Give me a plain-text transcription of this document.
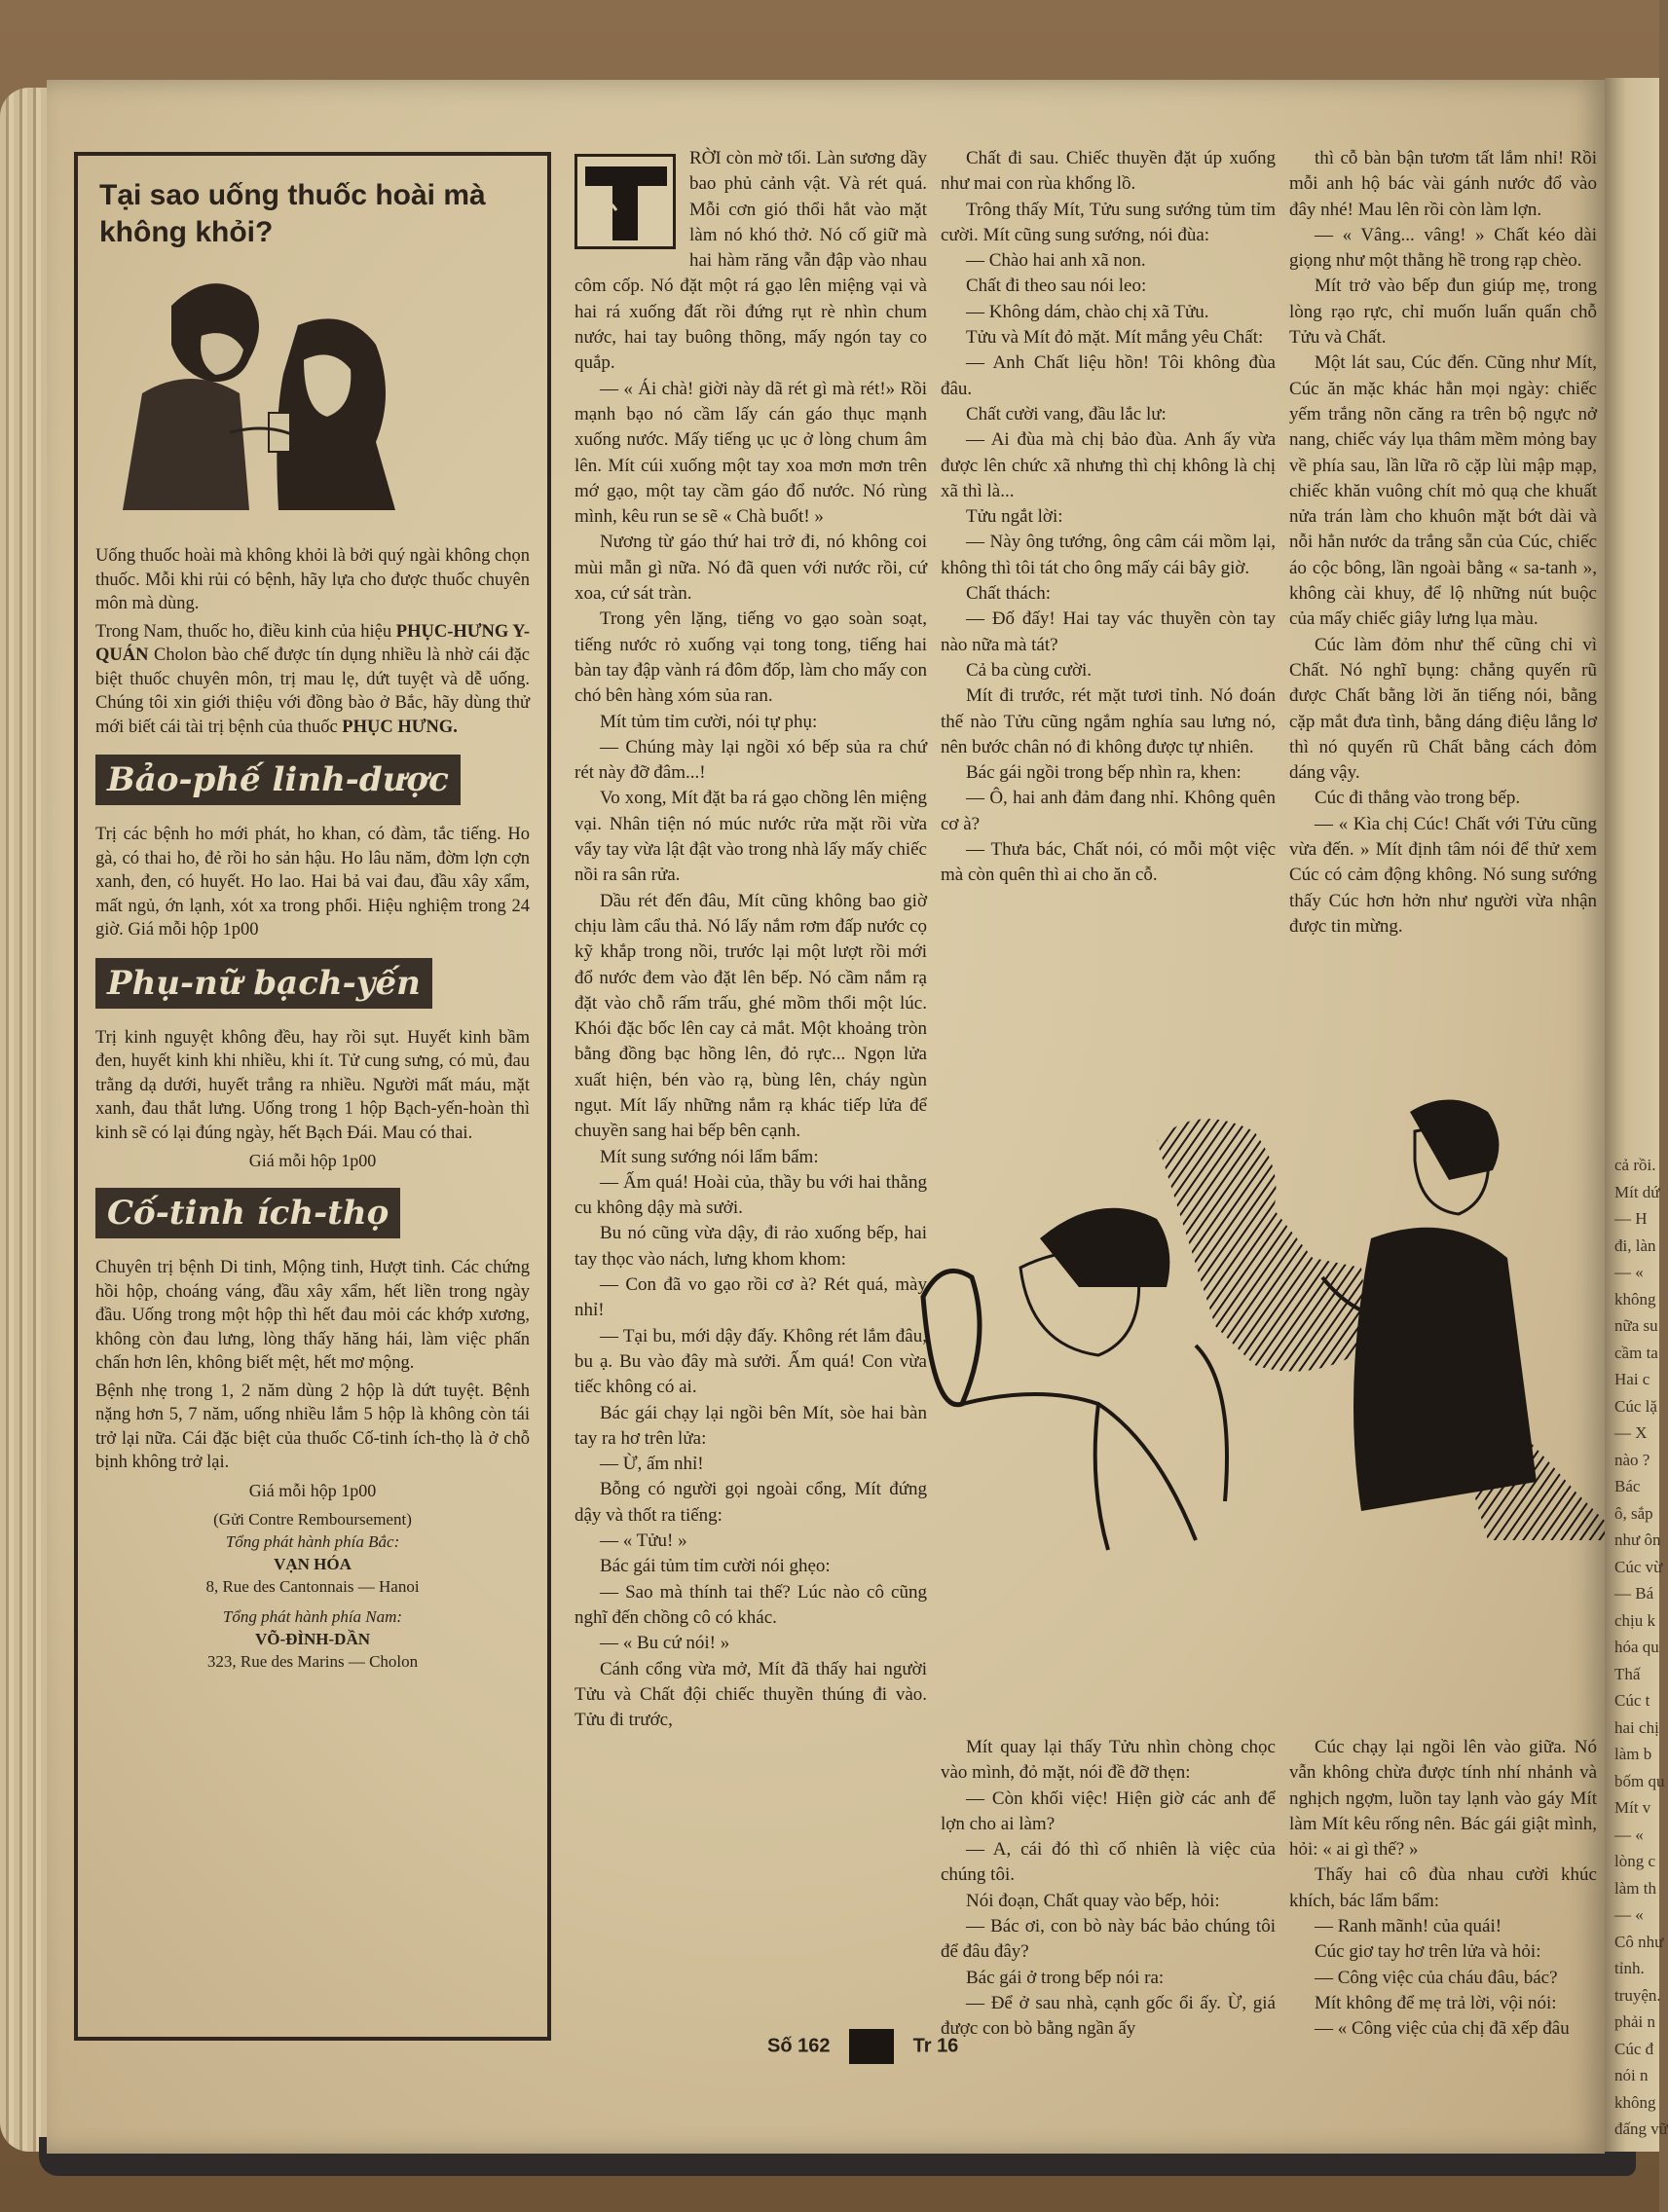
Tại sao uống thuốc hoài mà không khỏi?

Uống thuốc hoài mà không khỏi là bởi quý ngài không chọn thuốc. Mỗi khi rủi có bệnh, hãy lựa cho được thuốc chuyên môn mà dùng.

Trong Nam, thuốc ho, điều kinh của hiệu PHỤC-HƯNG Y-QUÁN Cholon bào chế được tín dụng nhiều là nhờ cái đặc biệt thuốc chuyên môn, trị mau lẹ, dứt tuyệt và dễ uống. Chúng tôi xin giới thiệu với đồng bào ở Bắc, hãy dùng thử mới biết cái tài trị bệnh của thuốc PHỤC HƯNG.

Bảo-phế linh-dược

Trị các bệnh ho mới phát, ho khan, có đàm, tắc tiếng. Ho gà, có thai ho, đẻ rồi ho sản hậu. Ho lâu năm, đờm lợn cợn xanh, đen, có huyết. Ho lao. Hai bả vai đau, đầu xây xẩm, mất ngủ, ớn lạnh, xót xa trong phổi. Hiệu nghiệm trong 24 giờ. Giá mỗi hộp 1p00

Phụ-nữ bạch-yến

Trị kinh nguyệt không đều, hay rồi sụt. Huyết kinh bầm đen, huyết kinh khi nhiều, khi ít. Tử cung sưng, có mủ, đau trằng dạ dưới, huyết trắng ra nhiều. Người mất máu, mặt xanh, đau thắt lưng. Uống trong 1 hộp Bạch-yến-hoàn thì kinh sẽ có lại đúng ngày, hết Bạch Đái. Mau có thai.

Giá mỗi hộp 1p00

Cố-tinh ích-thọ

Chuyên trị bệnh Di tinh, Mộng tinh, Hượt tinh. Các chứng hồi hộp, choáng váng, đầu xây xẩm, hết liền trong ngày đầu. Uống trong một hộp thì hết đau mỏi các khớp xương, không còn đau lưng, lòng thấy hăng hái, làm việc phấn chấn hơn lên, không biết mệt, hết mơ mộng.

Bệnh nhẹ trong 1, 2 năm dùng 2 hộp là dứt tuyệt. Bệnh nặng hơn 5, 7 năm, uống nhiều lắm 5 hộp là không còn tái trở lại nữa. Cái đặc biệt của thuốc Cố-tinh ích-thọ là ở chỗ bịnh không trở lại.

Giá mỗi hộp 1p00

(Gửi Contre Remboursement)

Tổng phát hành phía Bắc:

VẠN HÓA

8, Rue des Cantonnais — Hanoi

Tổng phát hành phía Nam:

VÕ-ĐÌNH-DẦN

323, Rue des Marins — Cholon

RỜI còn mờ tối. Làn sương dầy bao phủ cảnh vật. Và rét quá. Mỗi cơn gió thổi hắt vào mặt làm nó khó thở. Nó cố giữ mà hai hàm răng vẫn đập vào nhau côm cốp. Nó đặt một rá gạo lên miệng vại và hai rá xuống đất rồi đứng rụt rè nhìn chum nước, hai tay buông thõng, mấy ngón tay co quắp.

— « Ái chà! giời này dã rét gì mà rét!» Rồi mạnh bạo nó cầm lấy cán gáo thục mạnh xuống nước. Mấy tiếng ục ục ở lòng chum âm lên. Mít cúi xuống một tay xoa mơn mơn trên mớ gạo, một tay cầm gáo đổ nước. Nó rùng mình, kêu run se sẽ « Chà buốt! »

Nương từ gáo thứ hai trở đi, nó không coi mùi mẫn gì nữa. Nó đã quen với nước rồi, cứ xoa, cứ sát tràn.

Trong yên lặng, tiếng vo gạo soàn soạt, tiếng nước rỏ xuống vại tong tong, tiếng hai bàn tay đập vành rá đôm đốp, làm cho mấy con chó bên hàng xóm sủa ran.

Mít tủm tỉm cười, nói tự phụ:

— Chúng mày lại ngồi xó bếp sủa ra chứ rét này đỡ đâm...!

Vo xong, Mít đặt ba rá gạo chồng lên miệng vại. Nhân tiện nó múc nước rửa mặt rồi vừa vẩy tay vừa lật đật vào trong nhà lấy mấy chiếc nồi ra sân rửa.

Dầu rét đến đâu, Mít cũng không bao giờ chịu làm cẩu thả. Nó lấy nắm rơm đấp nước cọ kỹ khắp trong nồi, trước lại một lượt rồi mới đổ nước đem vào đặt lên bếp. Nó cầm nắm rạ đặt vào chỗ rấm trấu, ghé mồm thổi một lúc. Khói đặc bốc lên cay cả mắt. Một khoảng tròn bằng đồng bạc hồng lên, đỏ rực... Ngọn lửa xuất hiện, bén vào rạ, bùng lên, cháy ngùn ngụt. Mít lấy những nắm rạ khác tiếp lửa để chuyền sang hai bếp bên cạnh.

Mít sung sướng nói lẩm bẩm:

— Ấm quá! Hoài của, thầy bu với hai thằng cu không dậy mà sưởi.

Bu nó cũng vừa dậy, đi rảo xuống bếp, hai tay thọc vào nách, lưng khom khom:

— Con đã vo gạo rồi cơ à? Rét quá, mày nhỉ!

— Tại bu, mới dậy đấy. Không rét lắm đâu, bu ạ. Bu vào đây mà sưởi. Ấm quá! Con vừa tiếc không có ai.

Bác gái chạy lại ngồi bên Mít, sòe hai bàn tay ra hơ trên lửa:

— Ừ, ấm nhỉ!

Bỗng có người gọi ngoài cổng, Mít đứng dậy và thốt ra tiếng:

— « Tửu! »

Bác gái tủm tỉm cười nói ghẹo:

— Sao mà thính tai thế? Lúc nào cô cũng nghĩ đến chồng cô có khác.

— « Bu cứ nói! »

Cánh cổng vừa mở, Mít đã thấy hai người Tửu và Chất đội chiếc thuyền thúng đi vào. Tửu đi trước,

Chất đi sau. Chiếc thuyền đặt úp xuống như mai con rùa khổng lồ.

Trông thấy Mít, Tửu sung sướng tủm tỉm cười. Mít cũng sung sướng, nói đùa:

— Chào hai anh xã non.

Chất đi theo sau nói leo:

— Không dám, chào chị xã Tửu.

Tửu và Mít đỏ mặt. Mít mắng yêu Chất:

— Anh Chất liệu hồn! Tôi không đùa đâu.

Chất cười vang, đầu lắc lư:

— Ai đùa mà chị bảo đùa. Anh ấy vừa được lên chức xã nhưng thì chị không là chị xã thì là...

Tửu ngắt lời:

— Này ông tướng, ông câm cái mồm lại, không thì tôi tát cho ông mấy cái bây giờ.

Chất thách:

— Đố đấy! Hai tay vác thuyền còn tay nào nữa mà tát?

Cả ba cùng cười.

Mít đi trước, rét mặt tươi tỉnh. Nó đoán thế nào Tửu cũng ngắm nghía sau lưng nó, nên bước chân nó đi không được tự nhiên.

Bác gái ngồi trong bếp nhìn ra, khen:

— Ô, hai anh đảm đang nhỉ. Không quên cơ à?

— Thưa bác, Chất nói, có mỗi một việc mà còn quên thì ai cho ăn cỗ.

thì cỗ bàn bận tươm tất lắm nhỉ! Rồi mỗi anh hộ bác vài gánh nước đổ vào đây nhé! Mau lên rồi còn làm lợn.

— « Vâng... vâng! » Chất kéo dài giọng như một thằng hề trong rạp chèo.

Mít trở vào bếp đun giúp mẹ, trong lòng rạo rực, chỉ muốn luẩn quẩn chỗ Tửu và Chất.

Một lát sau, Cúc đến. Cũng như Mít, Cúc ăn mặc khác hẳn mọi ngày: chiếc yếm trắng nõn căng ra trên bộ ngực nở nang, chiếc váy lụa thâm mềm mỏng bay về phía sau, lần lữa rõ cặp lùi mập mạp, chiếc khăn vuông chít mỏ quạ che khuất nửa trán làm cho khuôn mặt bớt dài và nỗi hẳn nước da trắng sẵn của Cúc, chiếc áo cộc bông, lần ngoài bằng « sa-tanh », không cài khuy, để lộ những nút buộc của mấy chiếc giây lưng lụa màu.

Cúc làm đỏm như thế cũng chỉ vì Chất. Nó nghĩ bụng: chẳng quyến rũ được Chất bằng lời ăn tiếng nói, bằng cặp mắt đưa tình, bằng dáng điệu lẳng lơ thì nó quyến rũ Chất bằng cách đỏm dáng vậy.

Cúc đi thẳng vào trong bếp.

— « Kìa chị Cúc! Chất với Tửu cũng vừa đến. » Mít định tâm nói để thử xem Cúc có cảm động không. Nó sung sướng thấy Cúc hơn hởn như người vừa nhận được tin mừng.

Mít quay lại thấy Tửu nhìn chòng chọc vào mình, đỏ mặt, nói đề đỡ thẹn:

— Còn khối việc! Hiện giờ các anh để lợn cho ai làm?

— A, cái đó thì cố nhiên là việc của chúng tôi.

Nói đoạn, Chất quay vào bếp, hỏi:

— Bác ơi, con bò này bác bảo chúng tôi để đâu đây?

Bác gái ở trong bếp nói ra:

— Để ở sau nhà, cạnh gốc ổi ấy. Ừ, giá được con bò bằng ngần ấy

Cúc chạy lại ngồi lên vào giữa. Nó vẫn không chừa được tính nhí nhảnh và nghịch ngợm, luồn tay lạnh vào gáy Mít làm Mít kêu rống nên. Bác gái giật mình, hỏi: « ai gì thế? »

Thấy hai cô đùa nhau cười khúc khích, bác lẩm bẩm:

— Ranh mãnh! của quái!

Cúc giơ tay hơ trên lửa và hỏi:

— Công việc của cháu đâu, bác?

Mít không để mẹ trả lời, vội nói:

— « Công việc của chị đã xếp đâu

Số 162	Tr 16
cả rồi.
Mít dứ
— H
đi, làn
— «
không
nữa su
cầm ta
Hai c
Cúc lặ
— X
nào ?
Bác
ô, sắp
như ôn
Cúc vừ
— Bá
chịu k
hóa qu
Thấ
Cúc t
hai chị
làm b
bốm qu
Mít v
— «
lòng c
làm th
— «
Cô như
tỉnh.
truyện.
phải n
Cúc đ
nói n
không
đấng vữ
